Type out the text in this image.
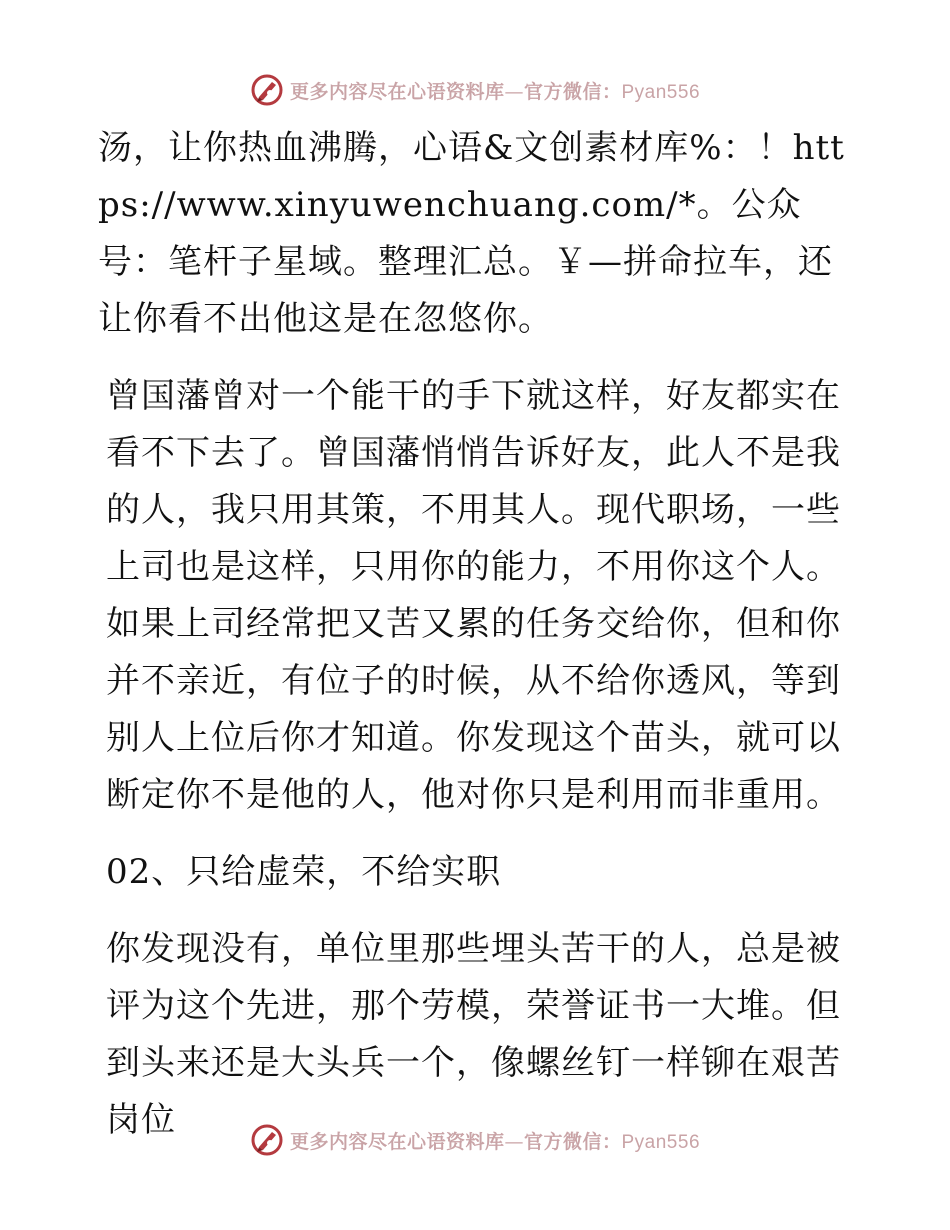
更多内容尽在心语资料库—官方微信：Pyan556

汤，让你热血沸腾，心语&文创素材库%：！https://www.xinyuwenchuang.com/*。公众号：笔杆子星域。整理汇总。￥—拼命拉车，还让你看不出他这是在忽悠你。

曾国藩曾对一个能干的手下就这样，好友都实在看不下去了。曾国藩悄悄告诉好友，此人不是我的人，我只用其策，不用其人。现代职场，一些上司也是这样，只用你的能力，不用你这个人。如果上司经常把又苦又累的任务交给你，但和你并不亲近，有位子的时候，从不给你透风，等到别人上位后你才知道。你发现这个苗头，就可以断定你不是他的人，他对你只是利用而非重用。

02、只给虚荣，不给实职

你发现没有，单位里那些埋头苦干的人，总是被评为这个先进，那个劳模，荣誉证书一大堆。但到头来还是大头兵一个，像螺丝钉一样铆在艰苦岗位

更多内容尽在心语资料库—官方微信：Pyan556
